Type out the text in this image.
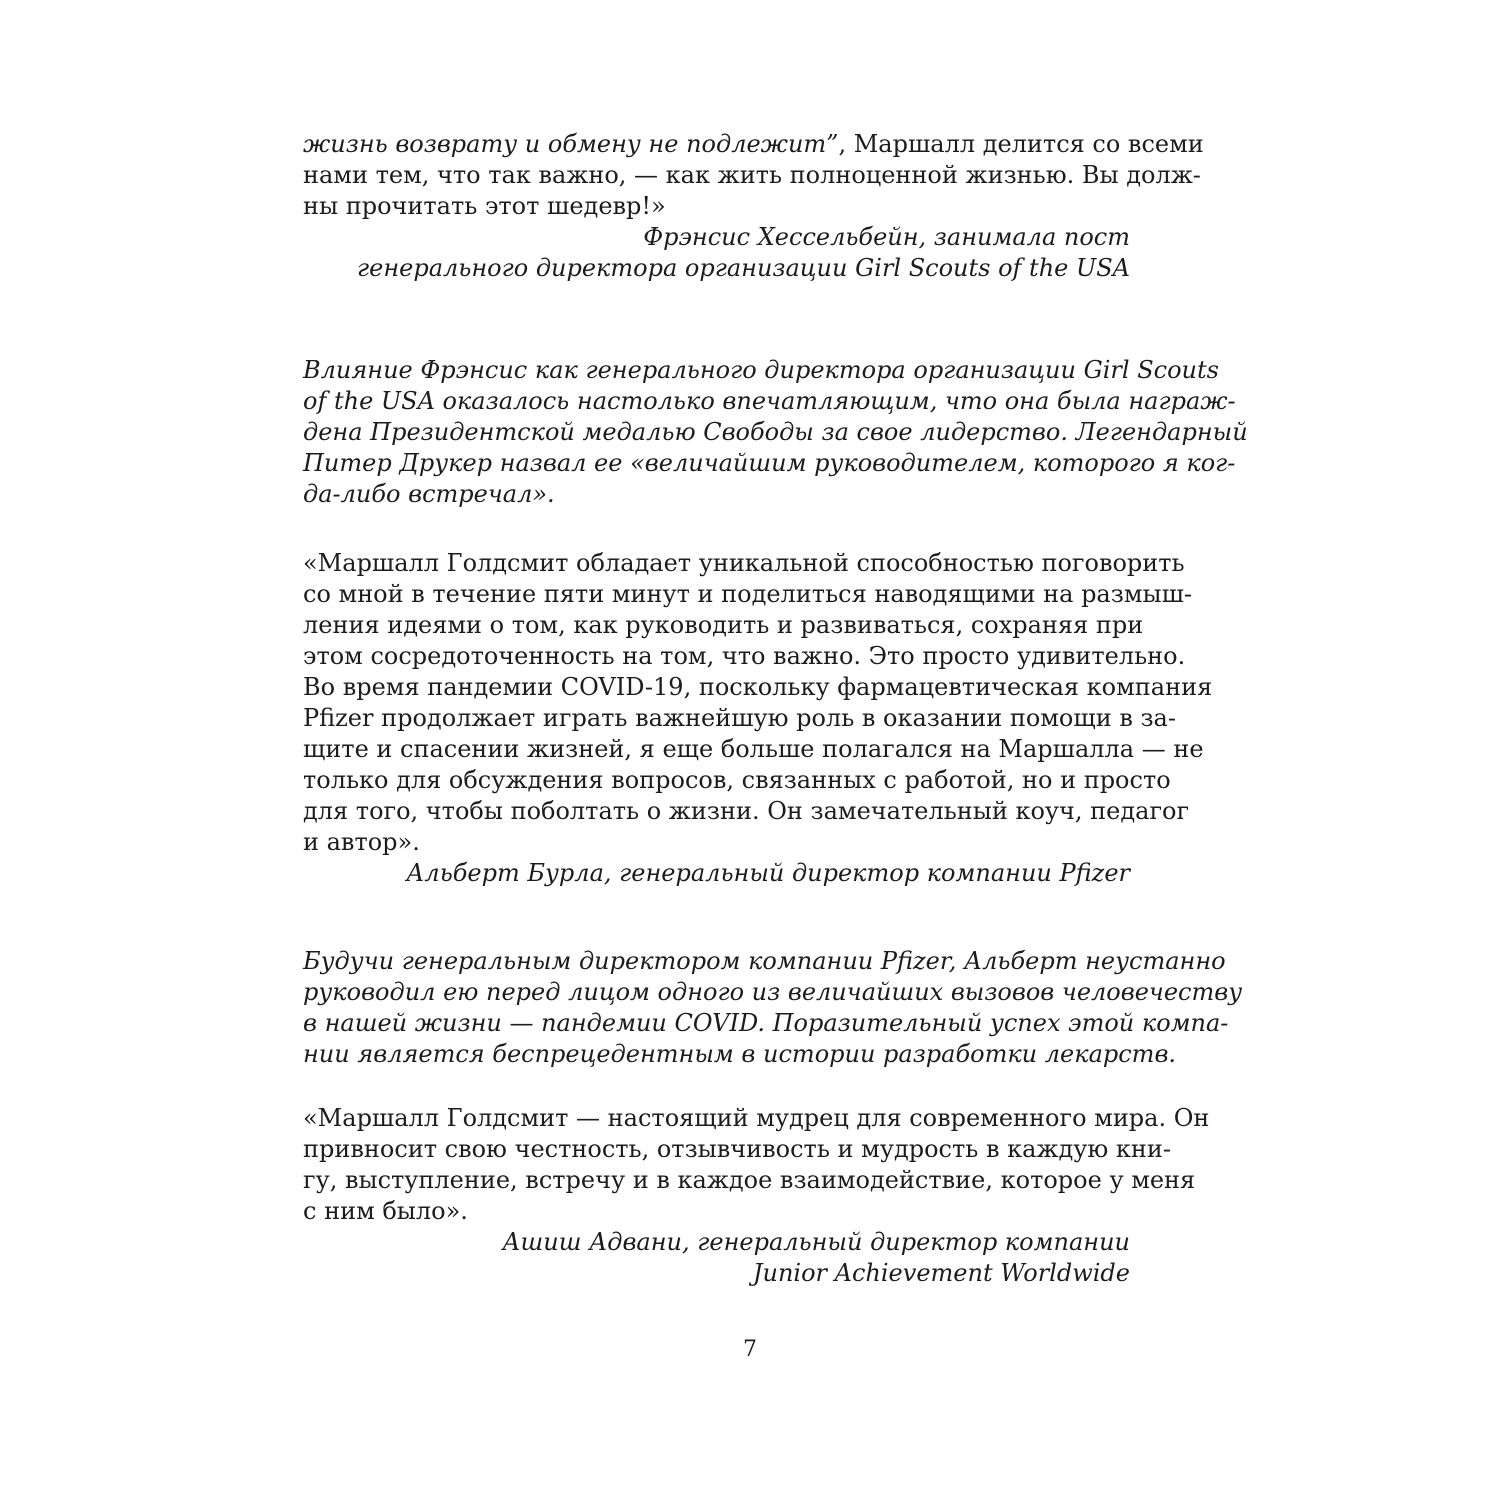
жизнь возврату и обмену не подлежит”, Маршалл делится со всеми
нами тем, что так важно, — как жить полноценной жизнью. Вы долж-
ны прочитать этот шедевр!»
Фрэнсис Хессельбейн, занимала пост
генерального директора организации Girl Scouts of the USA
Влияние Фрэнсис как генерального директора организации Girl Scouts
of the USA оказалось настолько впечатляющим, что она была награж-
дена Президентской медалью Свободы за свое лидерство. Легендарный
Питер Друкер назвал ее «величайшим руководителем, которого я ког-
да-либо встречал».
«Маршалл Голдсмит обладает уникальной способностью поговорить
со мной в течение пяти минут и поделиться наводящими на размыш-
ления идеями о том, как руководить и развиваться, сохраняя при
этом сосредоточенность на том, что важно. Это просто удивительно.
Во время пандемии COVID-19, поскольку фармацевтическая компания
Pfizer продолжает играть важнейшую роль в оказании помощи в за-
щите и спасении жизней, я еще больше полагался на Маршалла — не
только для обсуждения вопросов, связанных с работой, но и просто
для того, чтобы поболтать о жизни. Он замечательный коуч, педагог
и автор».
Альберт Бурла, генеральный директор компании Pfizer
Будучи генеральным директором компании Pfizer, Альберт неустанно
руководил ею перед лицом одного из величайших вызовов человечеству
в нашей жизни — пандемии COVID. Поразительный успех этой компа-
нии является беспрецедентным в истории разработки лекарств.
«Маршалл Голдсмит — настоящий мудрец для современного мира. Он
привносит свою честность, отзывчивость и мудрость в каждую кни-
гу, выступление, встречу и в каждое взаимодействие, которое у меня
с ним было».
Ашиш Адвани, генеральный директор компании
Junior Achievement Worldwide
7
